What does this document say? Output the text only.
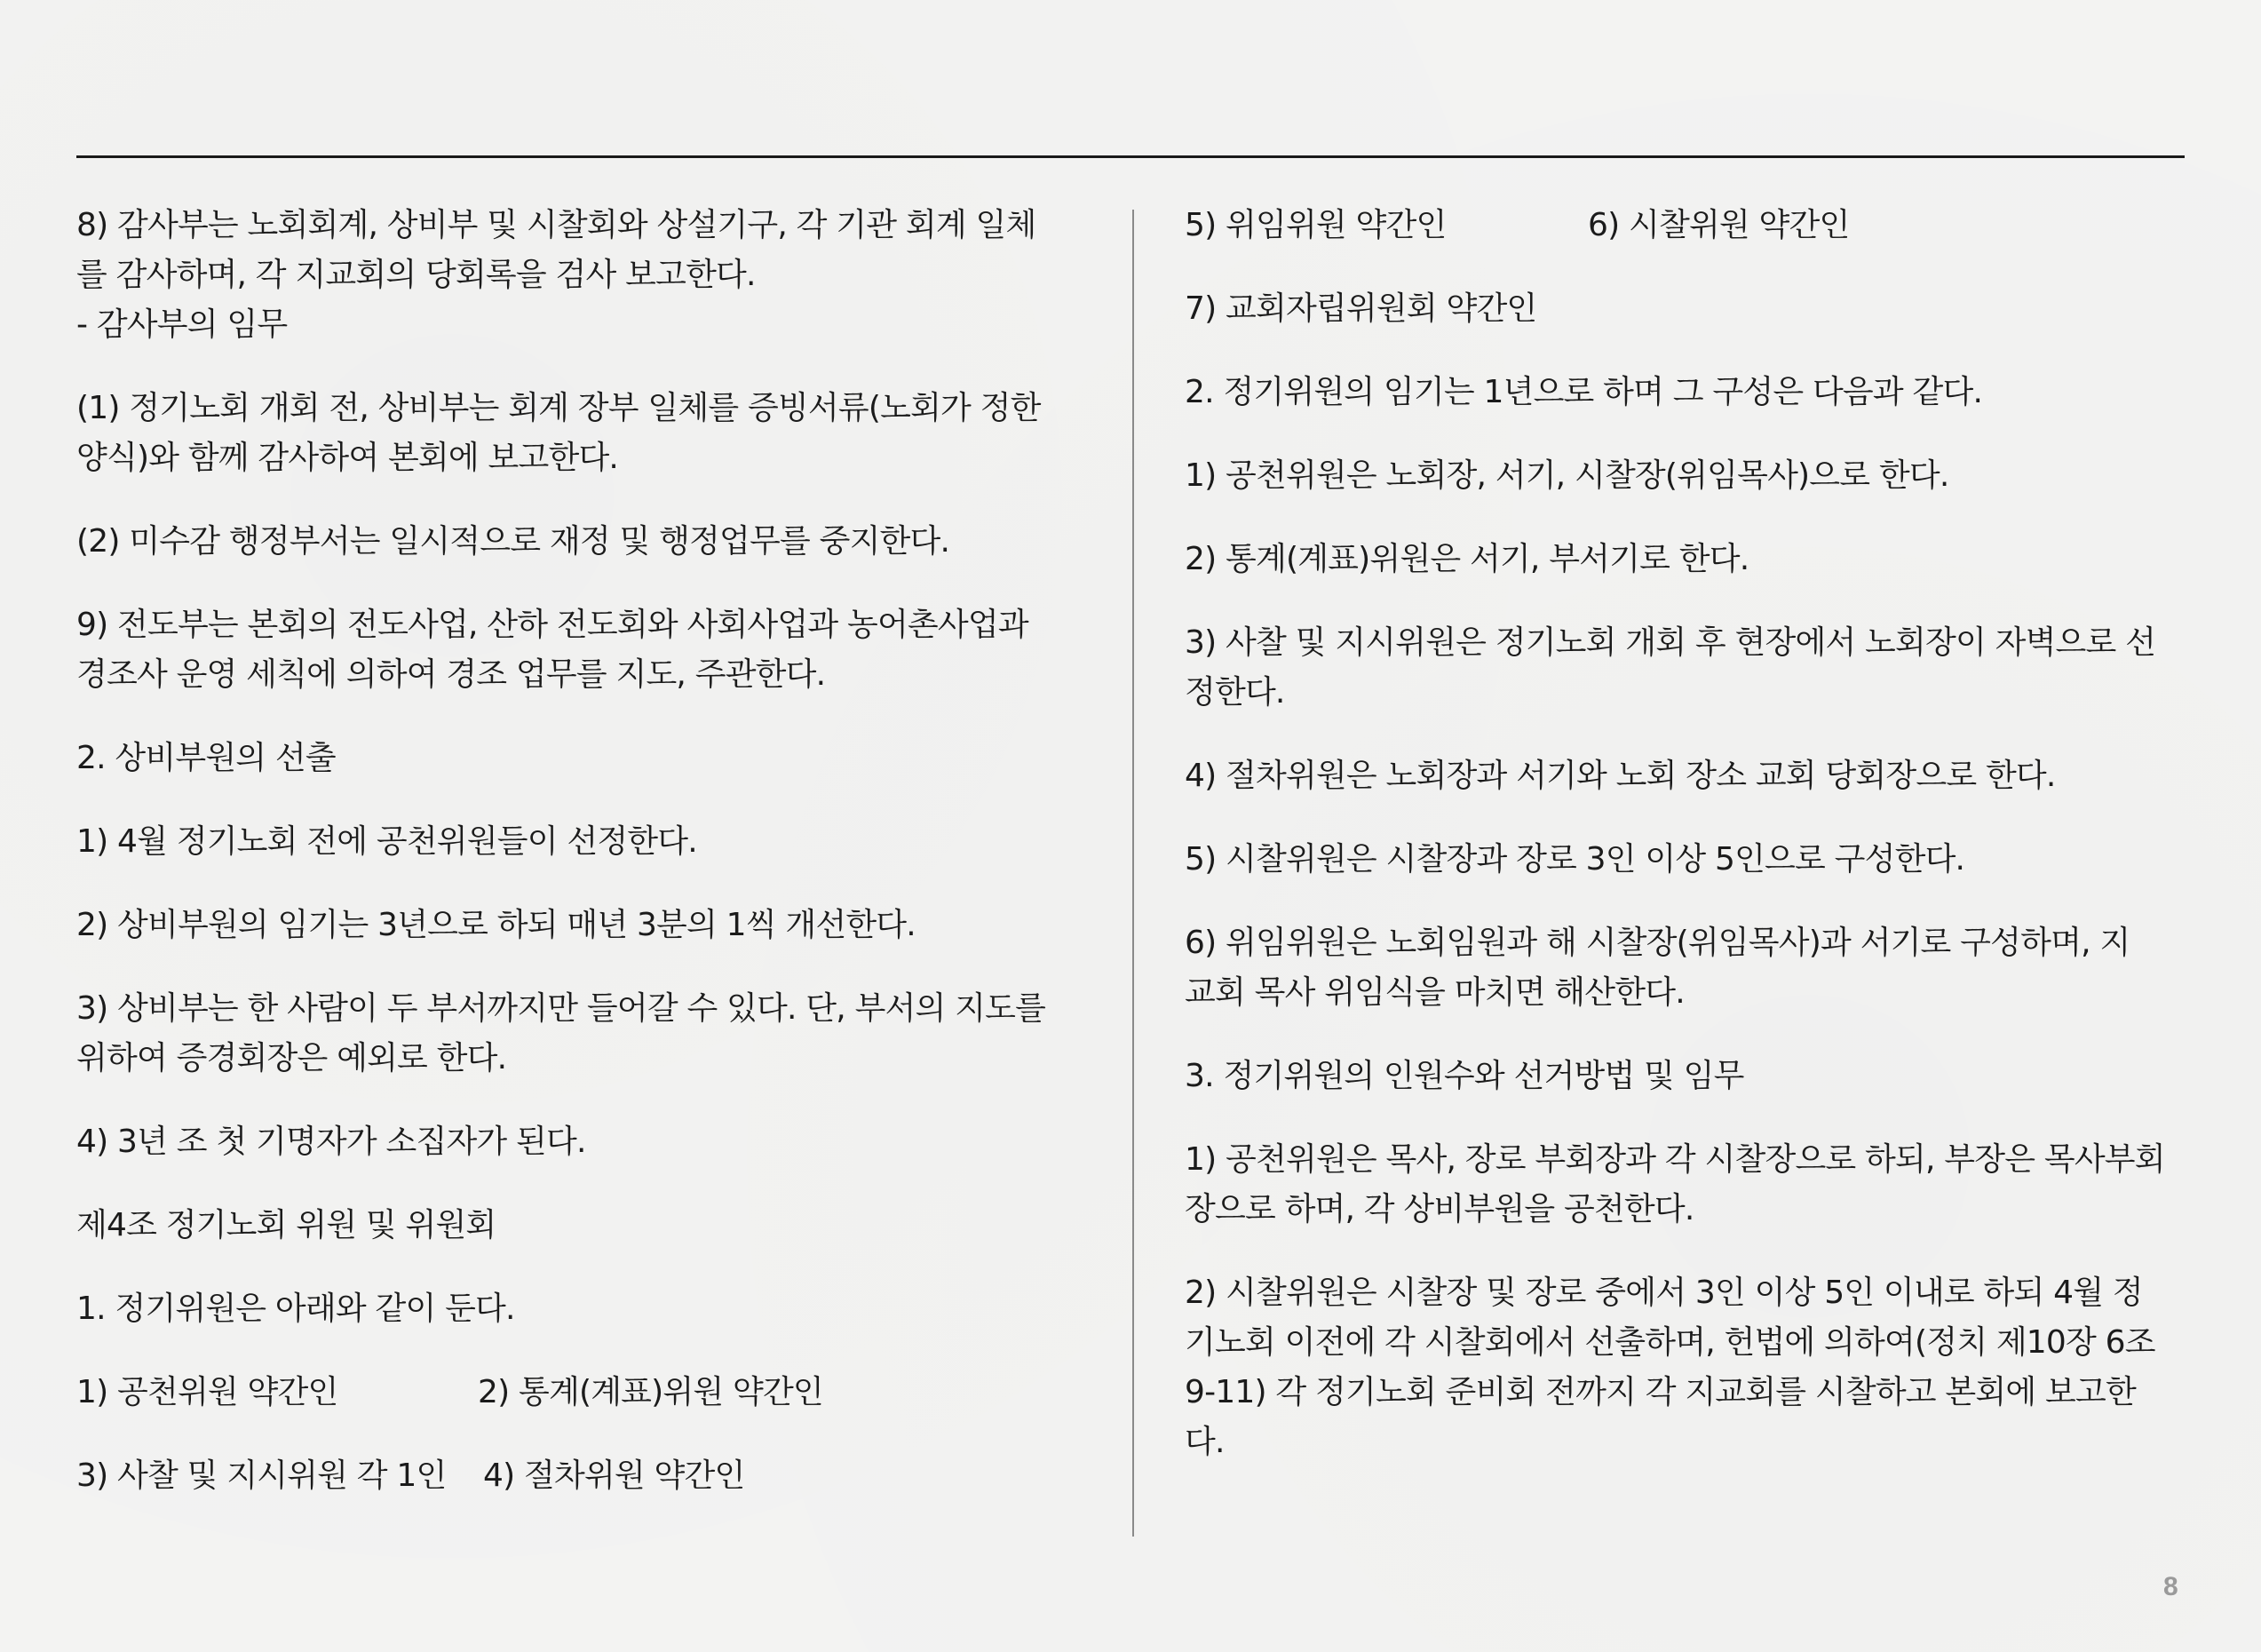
8) 감사부는 노회회계, 상비부 및 시찰회와 상설기구, 각 기관 회계 일체
를 감사하며, 각 지교회의 당회록을 검사 보고한다.
- 감사부의 임무
(1) 정기노회 개회 전, 상비부는 회계 장부 일체를 증빙서류(노회가 정한
양식)와 함께 감사하여 본회에 보고한다.
(2) 미수감 행정부서는 일시적으로 재정 및 행정업무를 중지한다.
9) 전도부는 본회의 전도사업, 산하 전도회와 사회사업과 농어촌사업과
경조사 운영 세칙에 의하여 경조 업무를 지도, 주관한다.
2. 상비부원의 선출
1) 4월 정기노회 전에 공천위원들이 선정한다.
2) 상비부원의 임기는 3년으로 하되 매년 3분의 1씩 개선한다.
3) 상비부는 한 사람이 두 부서까지만 들어갈 수 있다. 단, 부서의 지도를
위하여 증경회장은 예외로 한다.
4) 3년 조 첫 기명자가 소집자가 된다.
제4조 정기노회 위원 및 위원회
1. 정기위원은 아래와 같이 둔다.
1) 공천위원 약간인	2) 통계(계표)위원 약간인
3) 사찰 및 지시위원 각 1인 4) 절차위원 약간인
5) 위임위원 약간인	6) 시찰위원 약간인
7) 교회자립위원회 약간인
2. 정기위원의 임기는 1년으로 하며 그 구성은 다음과 같다.
1) 공천위원은 노회장, 서기, 시찰장(위임목사)으로 한다.
2) 통계(계표)위원은 서기, 부서기로 한다.
3) 사찰 및 지시위원은 정기노회 개회 후 현장에서 노회장이 자벽으로 선
정한다.
4) 절차위원은 노회장과 서기와 노회 장소 교회 당회장으로 한다.
5) 시찰위원은 시찰장과 장로 3인 이상 5인으로 구성한다.
6) 위임위원은 노회임원과 해 시찰장(위임목사)과 서기로 구성하며, 지
교회 목사 위임식을 마치면 해산한다.
3. 정기위원의 인원수와 선거방법 및 임무
1) 공천위원은 목사, 장로 부회장과 각 시찰장으로 하되, 부장은 목사부회
장으로 하며, 각 상비부원을 공천한다.
2) 시찰위원은 시찰장 및 장로 중에서 3인 이상 5인 이내로 하되 4월 정
기노회 이전에 각 시찰회에서 선출하며, 헌법에 의하여(정치 제10장 6조
9-11) 각 정기노회 준비회 전까지 각 지교회를 시찰하고 본회에 보고한
다.
8
